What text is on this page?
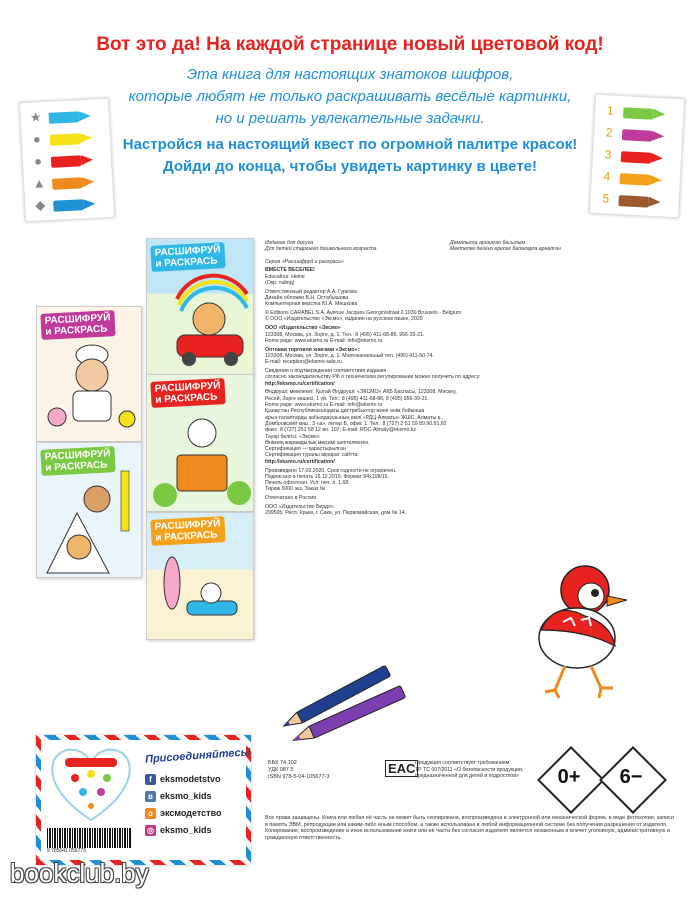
Вот это да! На каждой странице новый цветовой код!
Эта книга для настоящих знатоков шифров,
которые любят не только раскрашивать весёлые картинки,
но и решать увлекательные задачки.
Настройся на настоящий квест по огромной палитре красок!
Дойди до конца, чтобы увидеть картинку в цвете!
★
●
●
▲
◆
1
2
3
4
5
РАСШИФРУЙ
и РАСКРАСЬ
РАСШИФРУЙ
и РАСКРАСЬ
РАСШИФРУЙ
и РАСКРАСЬ
РАСШИФРУЙ
и РАСКРАСЬ
РАСШИФРУЙ
и РАСКРАСЬ
Издание для досуга
Для детей старшего дошкольного возраста
Демалысқа арналған басылым
Мектепке дейінгі ересек балаларға арналған

Серия «Расшифруй и раскрась»

ВМЕСТЕ ВЕСЕЛЕЕ!

Educafour. Heine

(Окр. тайпд)

Ответственный редактор А.А. Гуркова

Дизайн обложки В.Н. Остабышова

Компьютерная верстка Ю.А. Мешкова

© Editions CARABEL S.A. Avenue Jacques Georgin/straat 2 1030 Brussels - Belgium

© ООО «Издательство «Эксмо», издание на русском языке, 2020

ООО «Издательство «Эксмо»

123308, Москва, ул. Зорге, д. 1. Тел.: 8 (495) 411-68-86, 956-39-21.

Home page: www.eksmo.ru E-mail: info@eksmo.ru

Оптовая торговля книгами «Эксмо»:

123308, Москва, ул. Зорге, д. 1. Многоканальный тел. (495) 411-50-74.

E-mail: reception@eksmo-sale.ru

Сведения о подтверждении соответствия издания

согласно законодательству РФ о техническом регулировании можно получить по адресу:

http://eksmo.ru/certification/

Өндіруші: мемлекет: Қытай Өндіруші: «ЭКСМО» АҚБ Баспасы, 123308, Мәскеу,

Ресей, Зорге көшесі, 1 үй. Тел.: 8 (495) 411-68-86, 8 (495) 956-39-21

Home page: www.eksmo.ru E-mail: info@eksmo.ru

Қазақстан Республикасындағы дистрибьютор және өнім бойынша

арыз-талаптарды қабылдаушының өкілі «РДЦ-Алматы» ЖШС, Алматы қ.,

Домбровский көш., 3 «а», литер Б, офис 1. Тел.: 8 (727) 2 51 59 89,90,91,92

факс: 8 (727) 251 58 12 вн. 107; E-mail: RDC-Almaty@eksmo.kz

Тауар белгісі: «Эксмо»

Өнімнің жарамдылық мерзімі шектелмеген.

Сертификация — қарастырылған

Сертификация туралы ақпарат сайтта:

http://eksmo.ru/certification/

Произведено 17.02.2020. Срок годности не ограничен.

Подписано в печать 16.12.2019. Формат 84х108/16.

Печать офсетная. Усл. печ. л. 1,68.

Тираж 5000 экз. Заказ №

Отпечатано в России.

ООО «Издательство Бердо»

299505, Респ. Крым, г. Саки, ул. Первомайская, дом № 14.

9 785041 056773
Присоединяйтесь!
f eksmodetstvo
в eksmo_kids
о эксмодетство
◎ eksmo_kids
ББК 74.102
УДК 087.5
ISBN 978-5-04-105677-3
EAC Продукция соответствует требованиям
ТР ТС 007/2011 «О безопасности продукции,
предназначенной для детей и подростков»	0+	6−
Все права защищены. Книга или любая её часть не может быть скопирована, воспроизведена в электронной или механической форме, в виде фотокопии, записи в память ЭВМ, репродукции или каким-либо иным способом, а также использована в любой информационной системе без получения разрешения от издателя. Копирование, воспроизведение и иное использование книги или её части без согласия издателя является незаконным и влечет уголовную, административную и гражданскую ответственность.
bookclub.by
